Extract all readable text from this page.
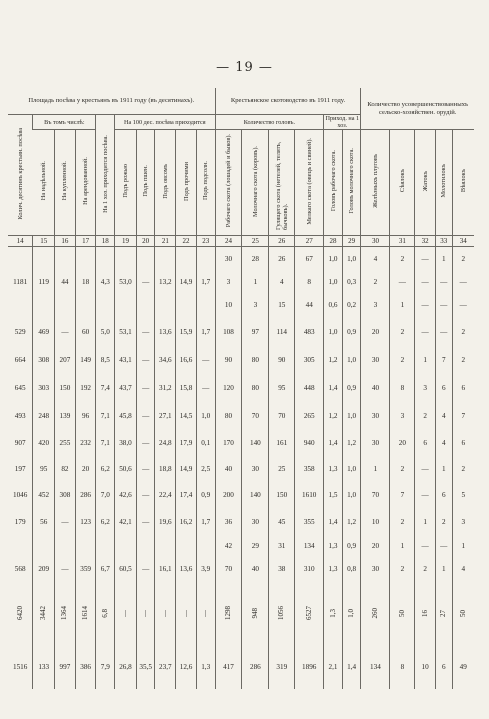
— 19 —
Площадь посѣва у крестьянъ въ 1911 году (въ десятинахъ).										Крестьянское скотоводство въ 1911 году.						Количество усовершенствованныхъ сельско-хозяйствен. орудій.				
Колич. десятинъ крестьян. посѣва	Въ томъ числѣ:			На 1 хоз. приходится посѣва.	На 100 дес. посѣва приходится					Количество головъ.				Приход. на 1 хоз.						
	На надѣльной.	На купленной.	На арендованной.		Подъ рожью	Подъ пшен.	Подъ овсомъ	Подъ прочими	Подъ подсолн.	Рабочаго скота (лошадей и быков).	Молочнаго скота (коровъ).	Гулящего скота (нетелей, телятъ, бычковъ).	Мелкаго скота (овецъ и свиней).	Головъ рабочаго скота.	Головъ молочнаго скота.	Желѣзныхъ плуговъ	Сѣялокъ	Жатокъ	Молотилокъ	Вѣялокъ
14	15	16	17	18	19	20	21	22	23	24	25	26	27	28	29	30	31	32	33	34
										30	28	26	67	1,0	1,0	4	2	—	1	2
1181	119	44	18	4,3	53,0	—	13,2	14,9	1,7	3	1	4	8	1,0	0,3	2	—	—	—	—
										10	3	15	44	0,6	0,2	3	1	—	—	—
529	469	—	60	5,0	53,1	—	13,6	15,9	1,7	108	97	114	483	1,0	0,9	20	2	—	—	2
664	308	207	149	8,5	43,1	—	34,6	16,6	—	90	80	90	305	1,2	1,0	30	2	1	7	2
645	303	150	192	7,4	43,7	—	31,2	15,8	—	120	80	95	448	1,4	0,9	40	8	3	6	6
493	248	139	96	7,1	45,8	—	27,1	14,5	1,0	80	70	70	265	1,2	1,0	30	3	2	4	7
907	420	255	232	7,1	38,0	—	24,8	17,9	0,1	170	140	161	940	1,4	1,2	30	20	6	4	6
197	95	82	20	6,2	50,6	—	18,8	14,9	2,5	40	30	25	358	1,3	1,0	1	2	—	1	2
1046	452	308	286	7,0	42,6	—	22,4	17,4	0,9	200	140	150	1610	1,5	1,0	70	7	—	6	5
179	56	—	123	6,2	42,1	—	19,6	16,2	1,7	36	30	45	355	1,4	1,2	10	2	1	2	3
										42	29	31	134	1,3	0,9	20	1	—	—	1
568	209	—	359	6,7	60,5	—	16,1	13,6	3,9	70	40	38	310	1,3	0,8	30	2	2	1	4
6420	3442	1364	1614	6,8	—	—	—	—	—	1298	948	1056	6527	1,3	1,0	260	50	16	27	50
1516	133	997	386	7,9	26,8	35,5	23,7	12,6	1,3	417	286	319	1896	2,1	1,4	134	8	10	6	49
